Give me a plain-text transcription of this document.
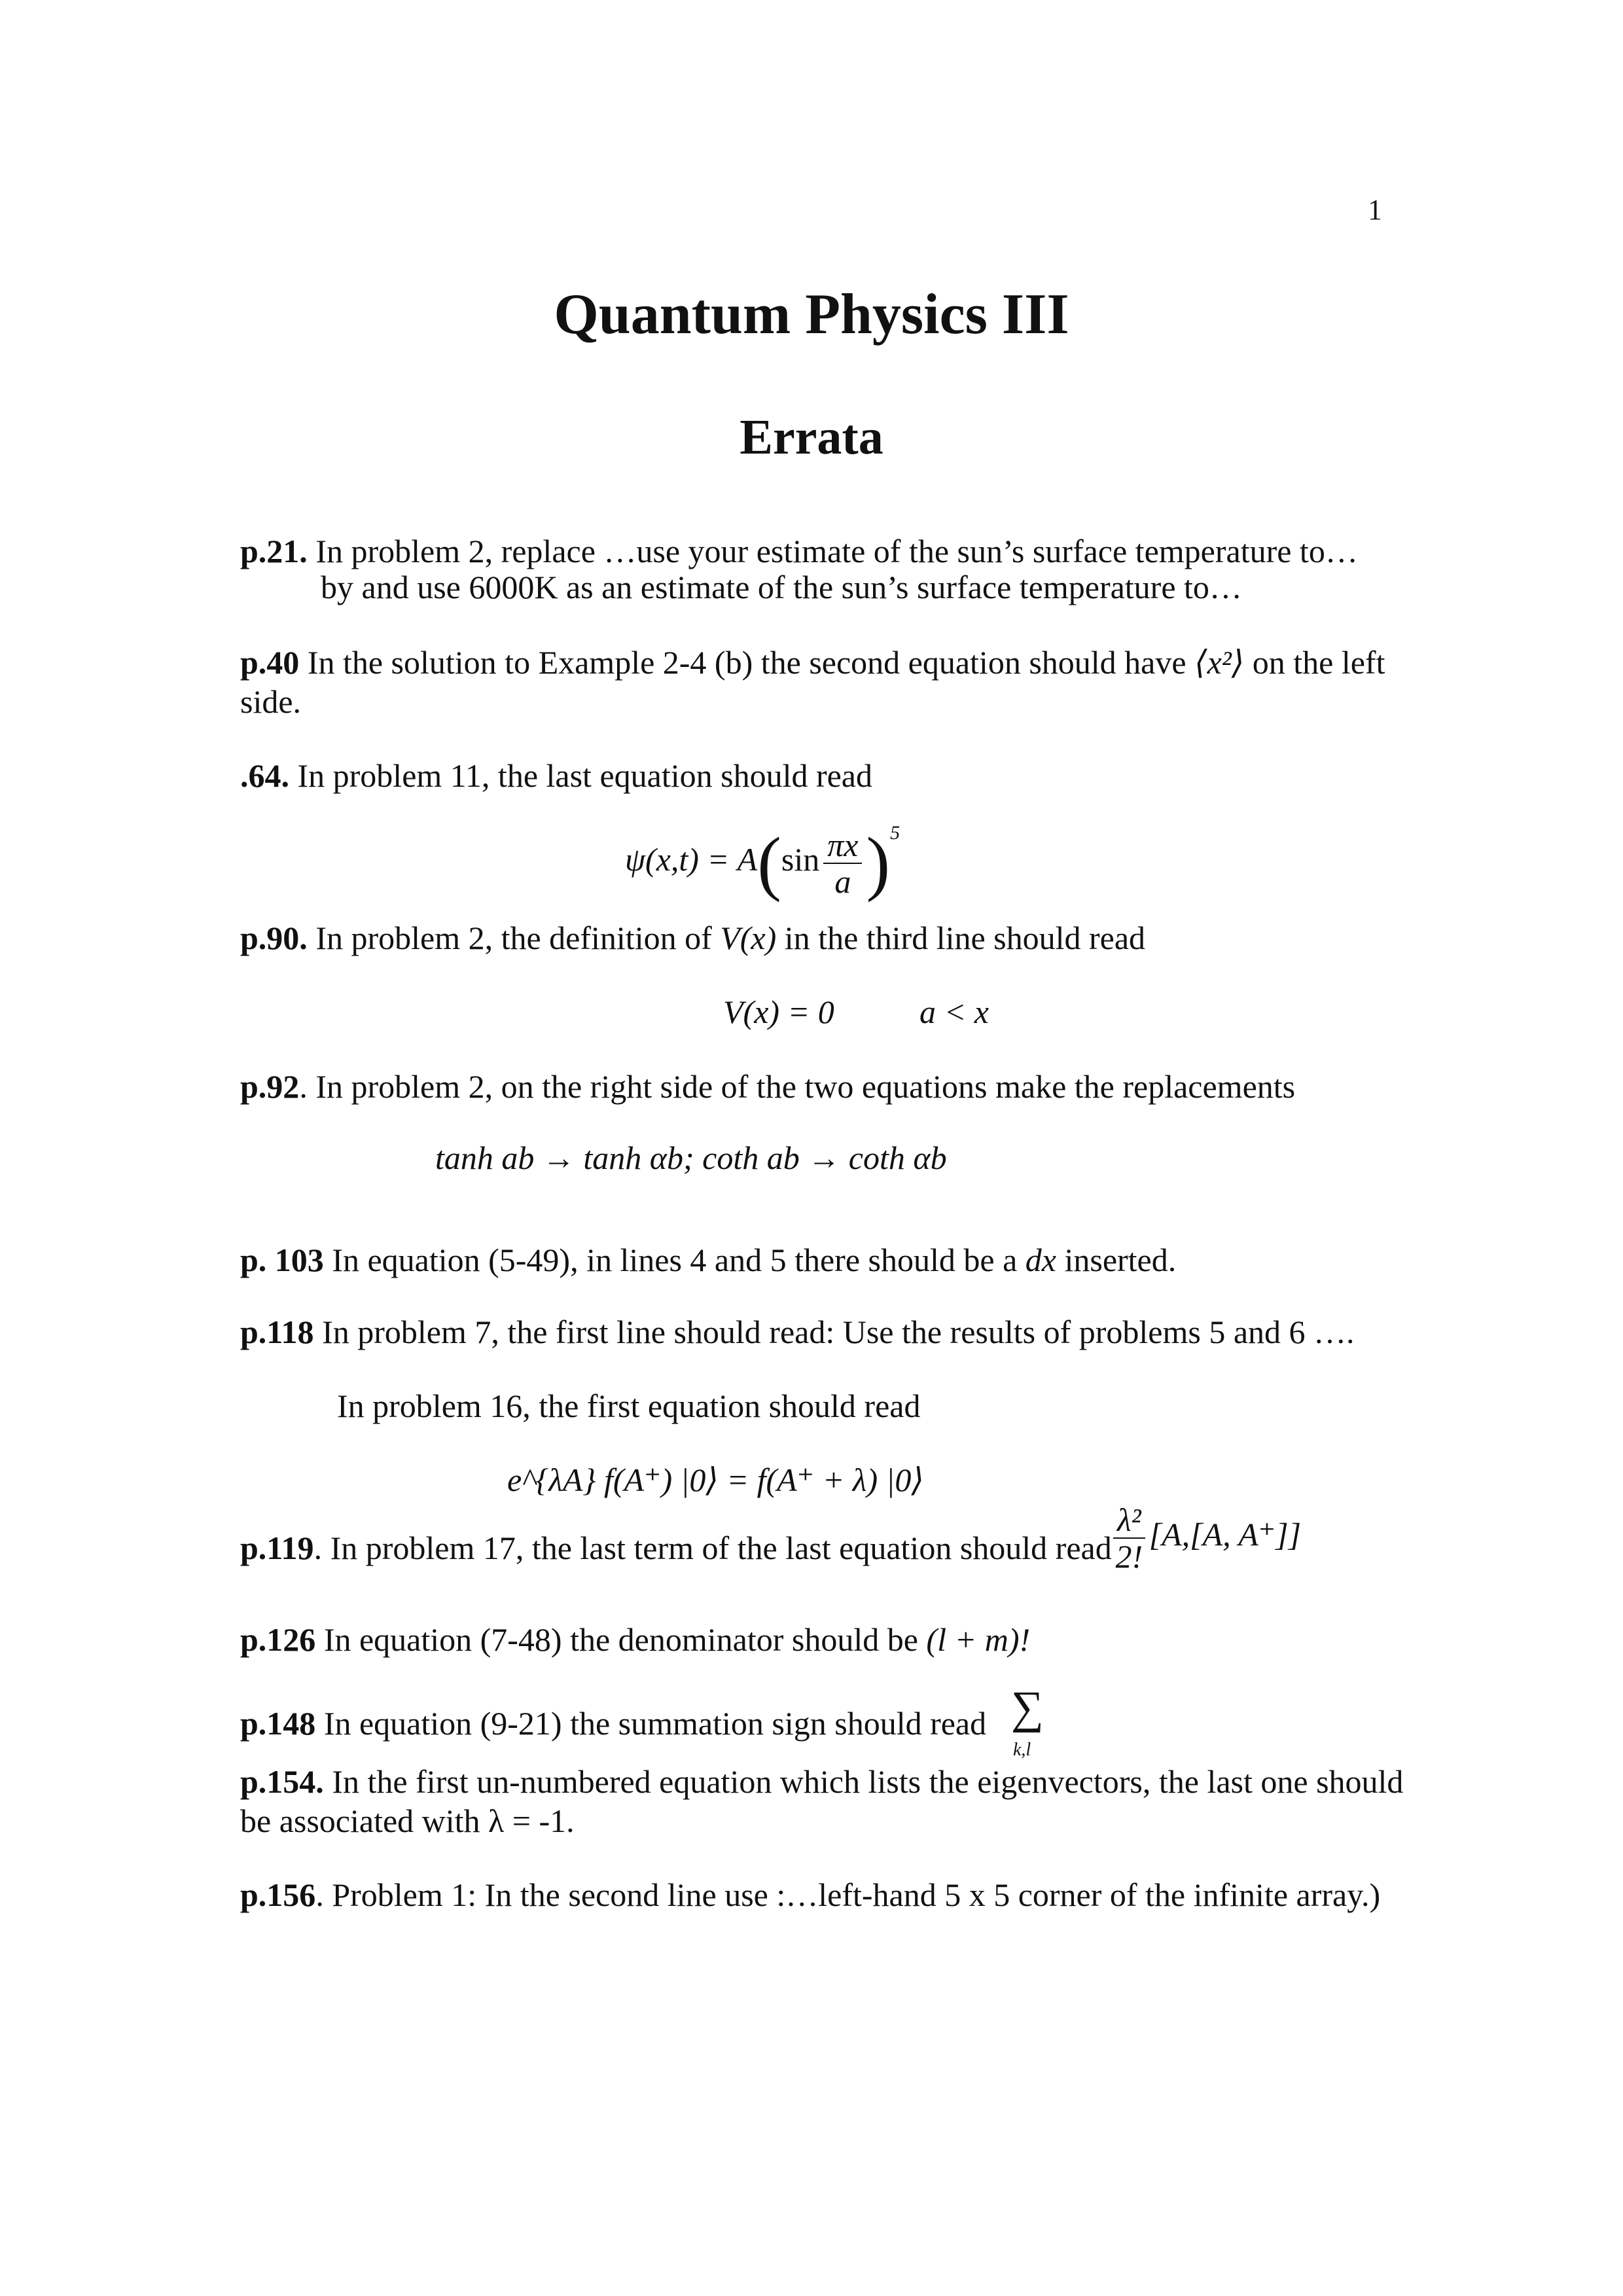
1
Quantum Physics III
Errata
p.21. In problem 2, replace …use your estimate of the sun’s surface temperature to…
by and use 6000K as an estimate of the sun’s surface temperature to…
p.40 In the solution to Example 2-4 (b) the second equation should have ⟨x²⟩ on the left
side.
.64. In problem 11, the last equation should read
$\psi(x,t) = A(\sin \frac{\pi x}{a} )^5$
p.90. In problem 2, the definition of V(x) in the third line should read
V(x) = 0	a < x
p.92. In problem 2, on the right side of the two equations make the replacements
tanh ab → tanh αb; coth ab → coth αb
p. 103 In equation (5-49), in lines 4 and 5 there should be a dx inserted.
p.118 In problem 7, the first line should read: Use the results of problems 5 and 6 ….
In problem 16, the first equation should read
e^{λA} f(A⁺) |0⟩ = f(A⁺ + λ) |0⟩
p.119. In problem 17, the last term of the last equation should read $\frac{\text{λ²}}{2!} [A,[A$, A⁺]]
p.126 In equation (7-48) the denominator should be (l + m)!
p.148 In equation (9-21) the summation sign should read ∑
k,l
p.154. In the first un-numbered equation which lists the eigenvectors, the last one should
be associated with λ = -1.
p.156. Problem 1: In the second line use :…left-hand 5 x 5 corner of the infinite array.)
